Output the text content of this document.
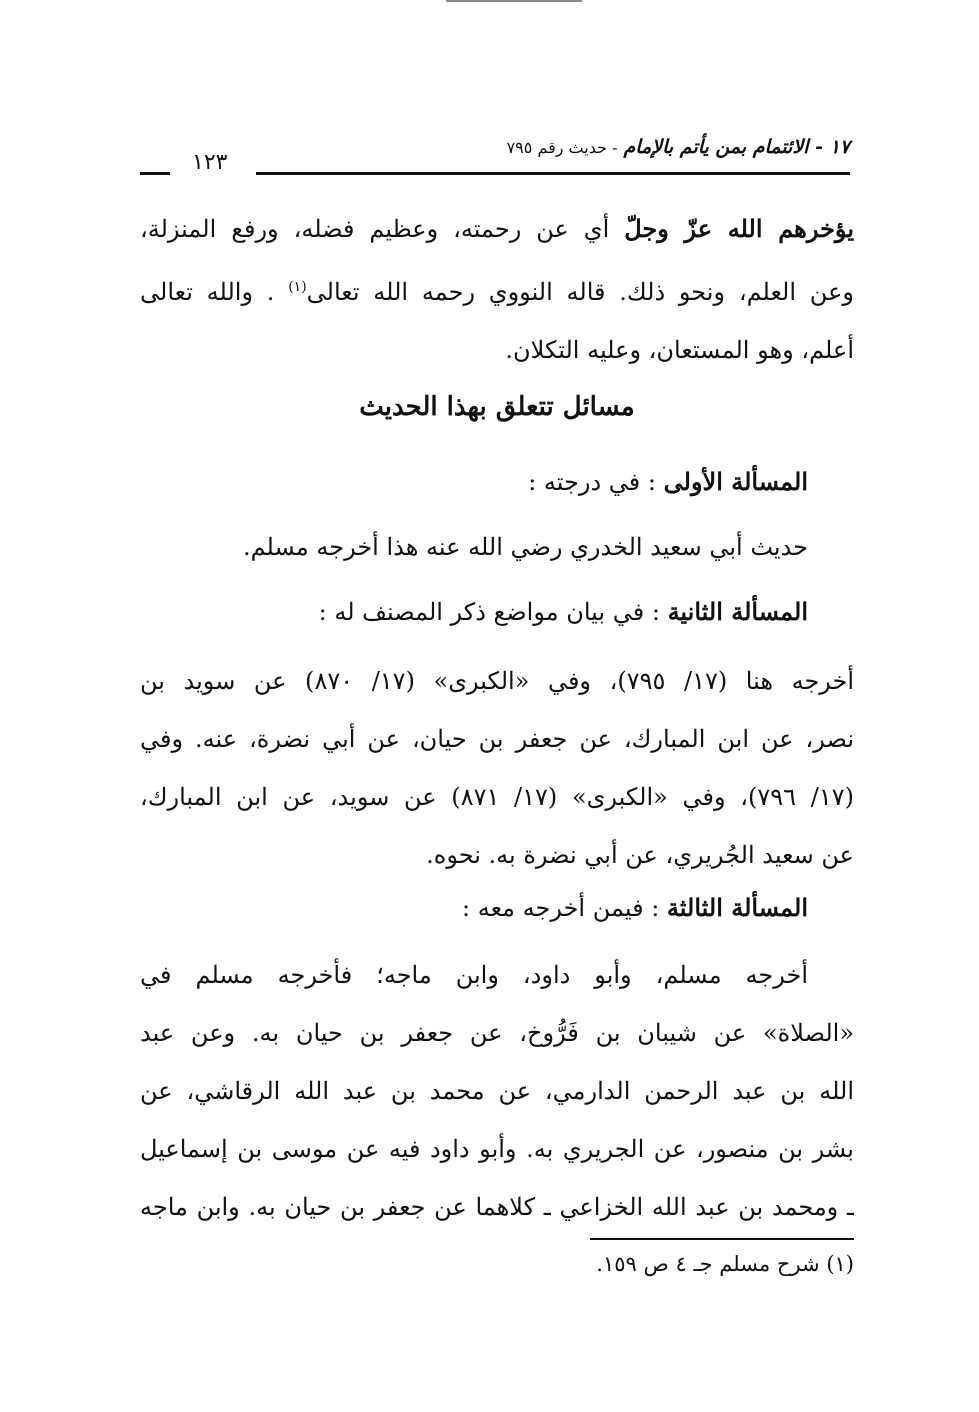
١٧ - الائتمام بمن يأتم بالإمام - حديث رقم ٧٩٥
١٢٣
يؤخرهم الله عزّ وجلّ أي عن رحمته، وعظيم فضله، ورفع المنزلة،
وعن العلم، ونحو ذلك. قاله النووي رحمه الله تعالى$^{(١)}$ . والله تعالى
أعلم، وهو المستعان، وعليه التكلان.
مسائل تتعلق بهذا الحديث
المسألة الأولى : في درجته :
حديث أبي سعيد الخدري رضي الله عنه هذا أخرجه مسلم.
المسألة الثانية : في بيان مواضع ذكر المصنف له :
أخرجه هنا (١٧/ ٧٩٥)، وفي «الكبرى» (١٧/ ٨٧٠) عن سويد بن
نصر، عن ابن المبارك، عن جعفر بن حيان، عن أبي نضرة، عنه. وفي
(١٧/ ٧٩٦)، وفي «الكبرى» (١٧/ ٨٧١) عن سويد، عن ابن المبارك،
عن سعيد الجُريري، عن أبي نضرة به. نحوه.
المسألة الثالثة : فيمن أخرجه معه :
أخرجه مسلم، وأبو داود، وابن ماجه؛ فأخرجه مسلم في
«الصلاة» عن شيبان بن فَرُّوخ، عن جعفر بن حيان به. وعن عبد
الله بن عبد الرحمن الدارمي، عن محمد بن عبد الله الرقاشي، عن
بشر بن منصور، عن الجريري به. وأبو داود فيه عن موسى بن إسماعيل
ـ ومحمد بن عبد الله الخزاعي ـ كلاهما عن جعفر بن حيان به. وابن ماجه
(١) شرح مسلم جـ ٤ ص ١٥٩.
